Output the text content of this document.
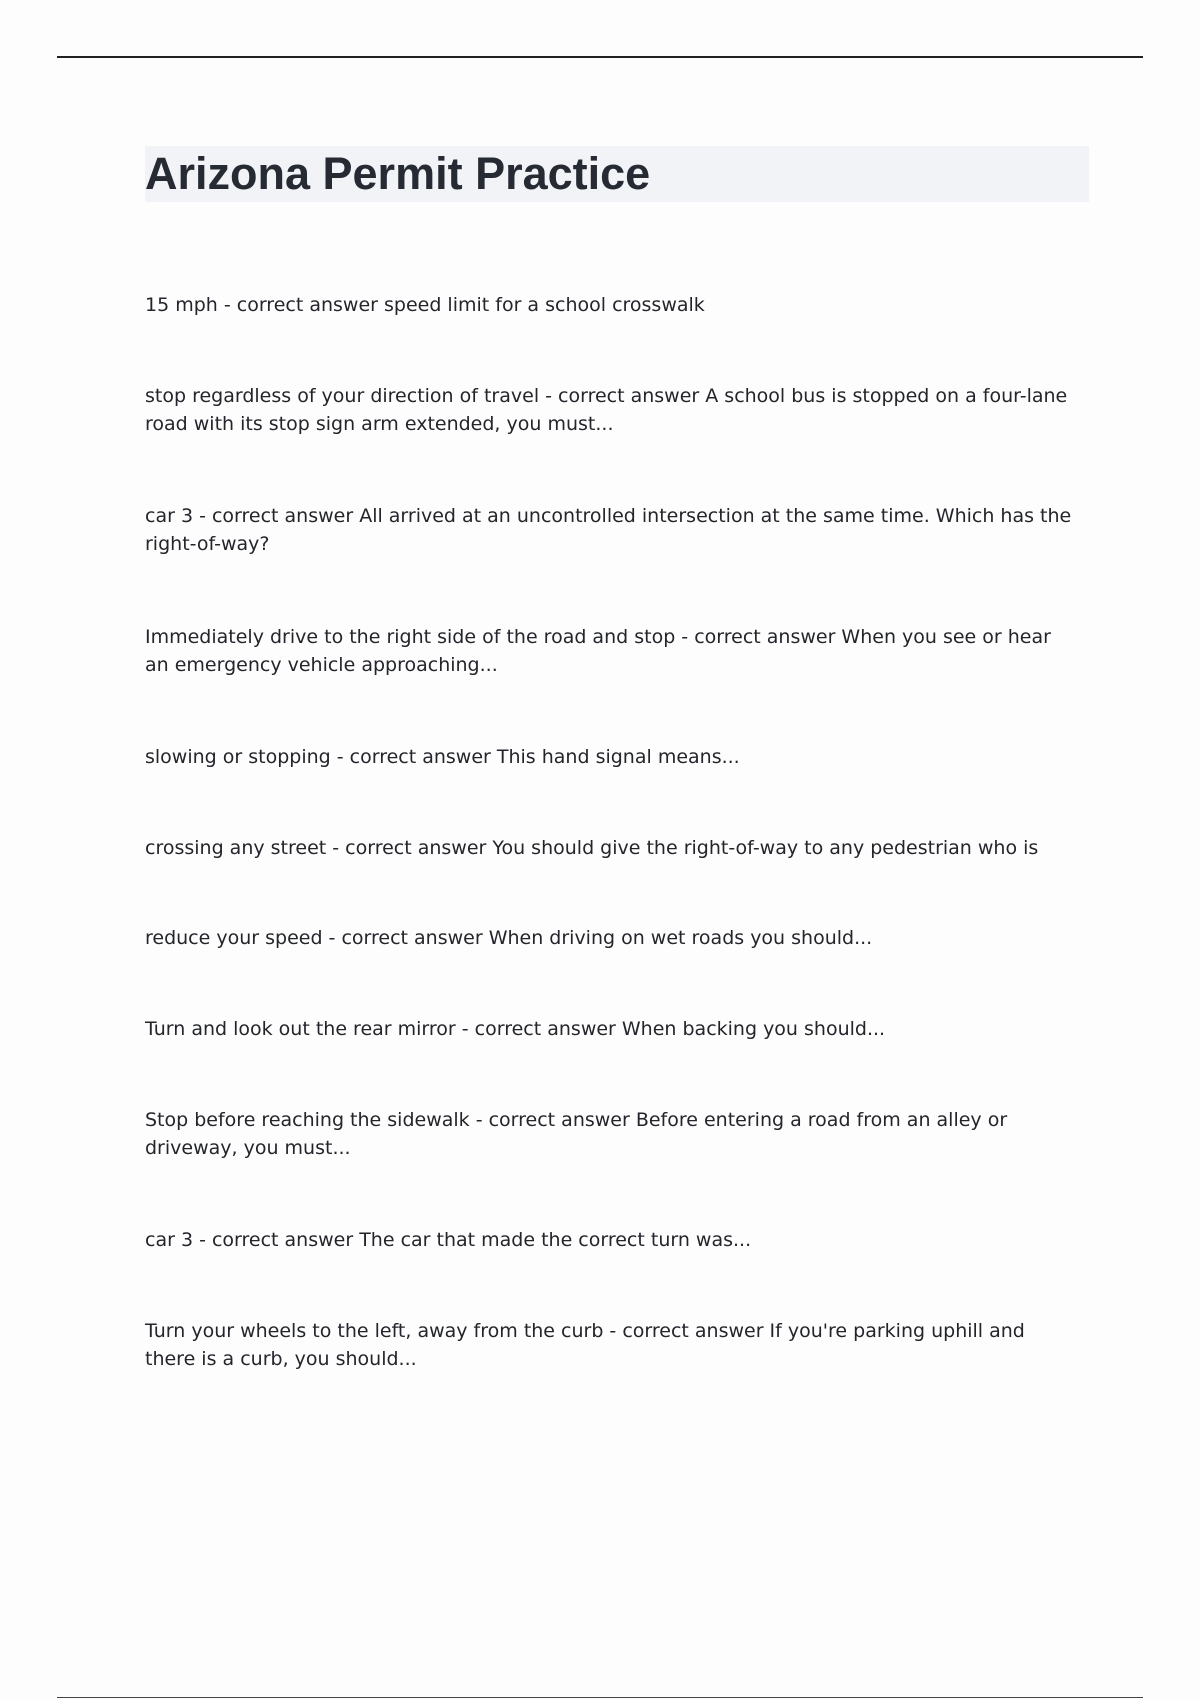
Arizona Permit Practice

15 mph - correct answer speed limit for a school crosswalk

stop regardless of your direction of travel - correct answer A school bus is stopped on a four-lane road with its stop sign arm extended, you must...

car 3 - correct answer All arrived at an uncontrolled intersection at the same time. Which has the right-of-way?

Immediately drive to the right side of the road and stop - correct answer When you see or hear an emergency vehicle approaching...

slowing or stopping - correct answer This hand signal means...

crossing any street - correct answer You should give the right-of-way to any pedestrian who is

reduce your speed - correct answer When driving on wet roads you should...

Turn and look out the rear mirror - correct answer When backing you should...

Stop before reaching the sidewalk - correct answer Before entering a road from an alley or driveway, you must...

car 3 - correct answer The car that made the correct turn was...

Turn your wheels to the left, away from the curb - correct answer If you're parking uphill and there is a curb, you should...
